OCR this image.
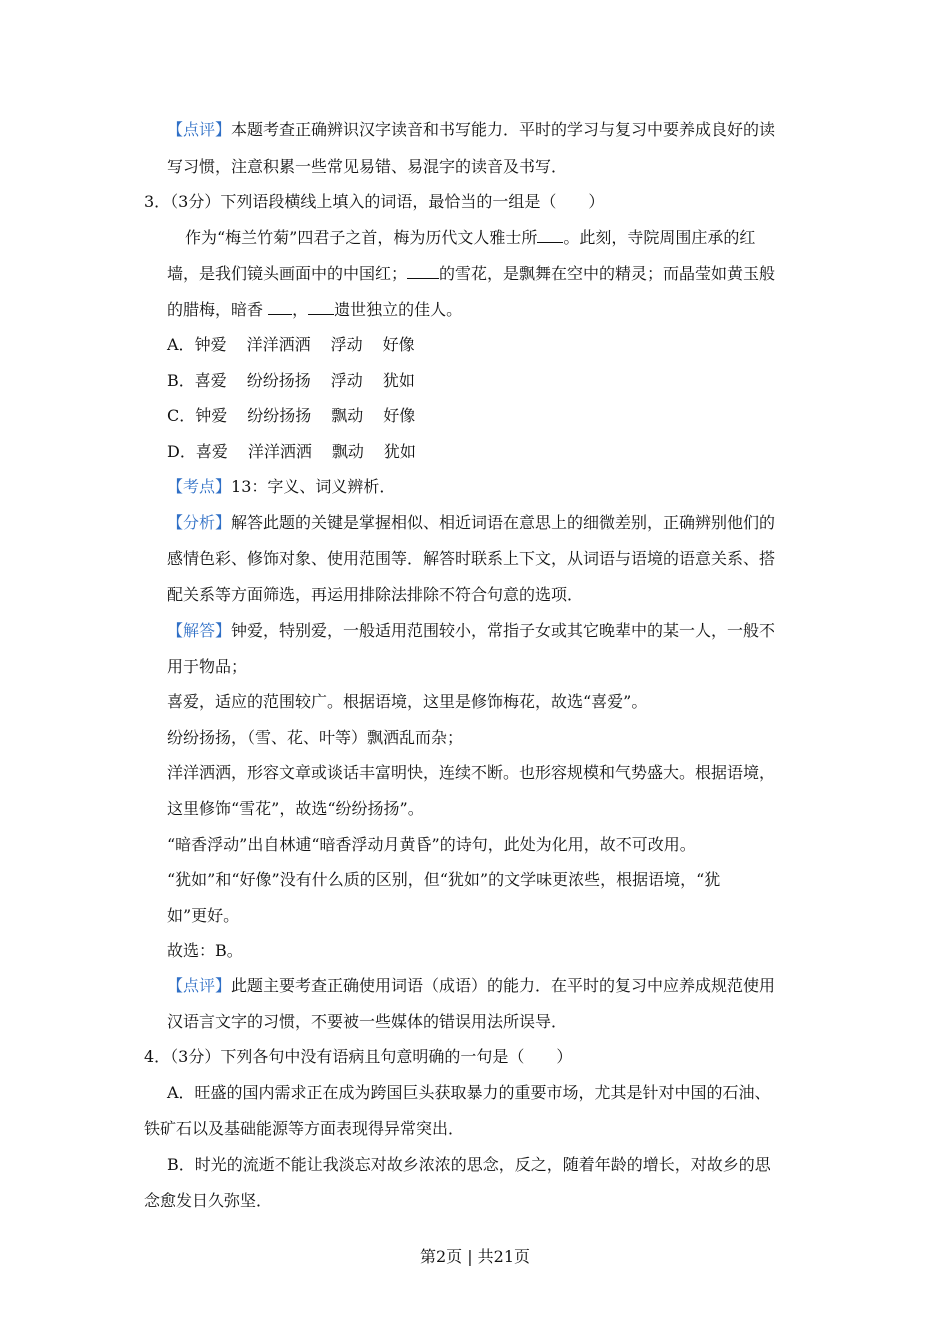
【点评】本题考查正确辨识汉字读音和书写能力．平时的学习与复习中要养成良好的读
写习惯，注意积累一些常见易错、易混字的读音及书写．
3．（3分）下列语段横线上填入的词语，最恰当的一组是（　　）
作为“梅兰竹菊”四君子之首，梅为历代文人雅士所 。此刻，寺院周围庄承的红
墙，是我们镜头画面中的中国红； 的雪花，是飘舞在空中的精灵；而晶莹如黄玉般
的腊梅，暗香 ， 遗世独立的佳人。
A．钟爱 洋洋洒洒 浮动 好像
B．喜爱 纷纷扬扬 浮动 犹如
C．钟爱 纷纷扬扬 飘动 好像
D．喜爱 洋洋洒洒 飘动 犹如
【考点】13：字义、词义辨析．
【分析】解答此题的关键是掌握相似、相近词语在意思上的细微差别，正确辨别他们的
感情色彩、修饰对象、使用范围等．解答时联系上下文，从词语与语境的语意关系、搭
配关系等方面筛选，再运用排除法排除不符合句意的选项．
【解答】钟爱，特别爱，一般适用范围较小，常指子女或其它晚辈中的某一人，一般不
用于物品；
喜爱，适应的范围较广。根据语境，这里是修饰梅花，故选“喜爱”。
纷纷扬扬，（雪、花、叶等）飘洒乱而杂；
洋洋洒洒，形容文章或谈话丰富明快，连续不断。也形容规模和气势盛大。根据语境，
这里修饰“雪花”，故选“纷纷扬扬”。
“暗香浮动”出自林逋“暗香浮动月黄昏”的诗句，此处为化用，故不可改用。
“犹如”和“好像”没有什么质的区别，但“犹如”的文学味更浓些，根据语境，“犹
如”更好。
故选：B。
【点评】此题主要考查正确使用词语（成语）的能力．在平时的复习中应养成规范使用
汉语言文字的习惯，不要被一些媒体的错误用法所误导．
4．（3分）下列各句中没有语病且句意明确的一句是（　　）
A．旺盛的国内需求正在成为跨国巨头获取暴力的重要市场，尤其是针对中国的石油、
铁矿石以及基础能源等方面表现得异常突出．
B．时光的流逝不能让我淡忘对故乡浓浓的思念，反之，随着年龄的增长，对故乡的思
念愈发日久弥坚．
第2页 | 共21页
